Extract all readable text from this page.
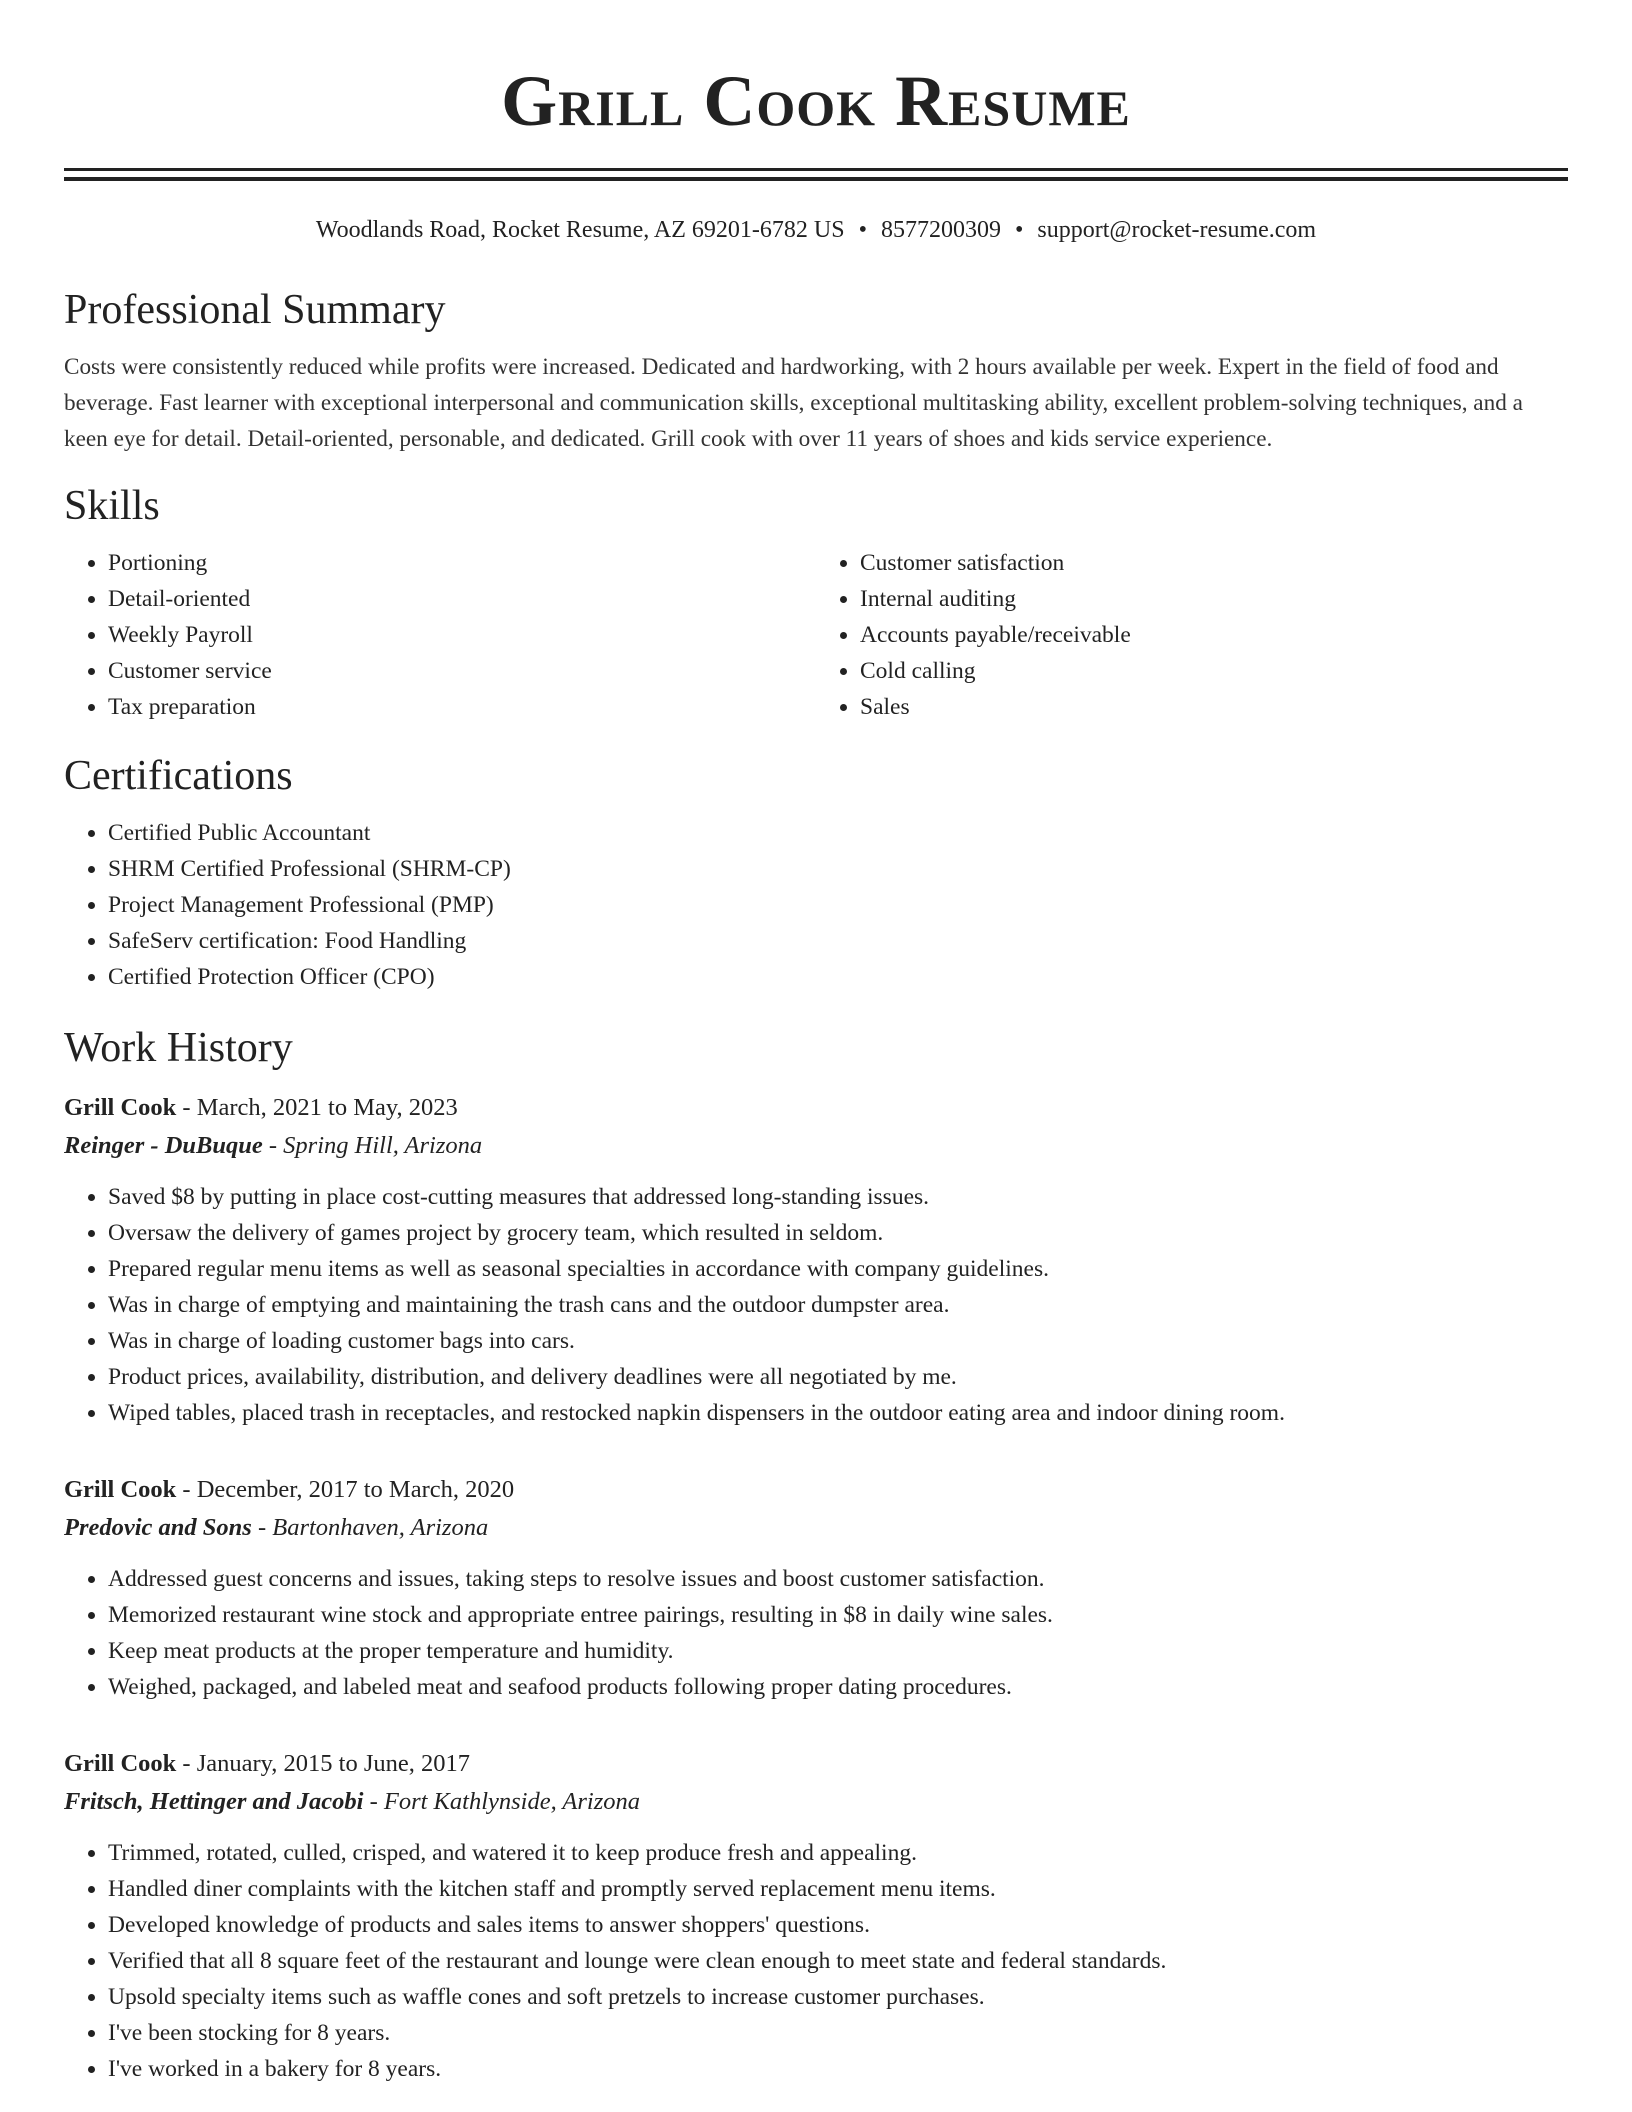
Grill Cook Resume
Woodlands Road, Rocket Resume, AZ 69201-6782 US • 8577200309 • support@rocket-resume.com
Professional Summary
Costs were consistently reduced while profits were increased. Dedicated and hardworking, with 2 hours available per week. Expert in the field of food and beverage. Fast learner with exceptional interpersonal and communication skills, exceptional multitasking ability, excellent problem-solving techniques, and a keen eye for detail. Detail-oriented, personable, and dedicated. Grill cook with over 11 years of shoes and kids service experience.
Skills
• Portioning
• Detail-oriented
• Weekly Payroll
• Customer service
• Tax preparation
• Customer satisfaction
• Internal auditing
• Accounts payable/receivable
• Cold calling
• Sales
Certifications
• Certified Public Accountant
• SHRM Certified Professional (SHRM-CP)
• Project Management Professional (PMP)
• SafeServ certification: Food Handling
• Certified Protection Officer (CPO)
Work History
Grill Cook - March, 2021 to May, 2023
Reinger - DuBuque - Spring Hill, Arizona
• Saved $8 by putting in place cost-cutting measures that addressed long-standing issues.
• Oversaw the delivery of games project by grocery team, which resulted in seldom.
• Prepared regular menu items as well as seasonal specialties in accordance with company guidelines.
• Was in charge of emptying and maintaining the trash cans and the outdoor dumpster area.
• Was in charge of loading customer bags into cars.
• Product prices, availability, distribution, and delivery deadlines were all negotiated by me.
• Wiped tables, placed trash in receptacles, and restocked napkin dispensers in the outdoor eating area and indoor dining room.
Grill Cook - December, 2017 to March, 2020
Predovic and Sons - Bartonhaven, Arizona
• Addressed guest concerns and issues, taking steps to resolve issues and boost customer satisfaction.
• Memorized restaurant wine stock and appropriate entree pairings, resulting in $8 in daily wine sales.
• Keep meat products at the proper temperature and humidity.
• Weighed, packaged, and labeled meat and seafood products following proper dating procedures.
Grill Cook - January, 2015 to June, 2017
Fritsch, Hettinger and Jacobi - Fort Kathlynside, Arizona
• Trimmed, rotated, culled, crisped, and watered it to keep produce fresh and appealing.
• Handled diner complaints with the kitchen staff and promptly served replacement menu items.
• Developed knowledge of products and sales items to answer shoppers' questions.
• Verified that all 8 square feet of the restaurant and lounge were clean enough to meet state and federal standards.
• Upsold specialty items such as waffle cones and soft pretzels to increase customer purchases.
• I've been stocking for 8 years.
• I've worked in a bakery for 8 years.
